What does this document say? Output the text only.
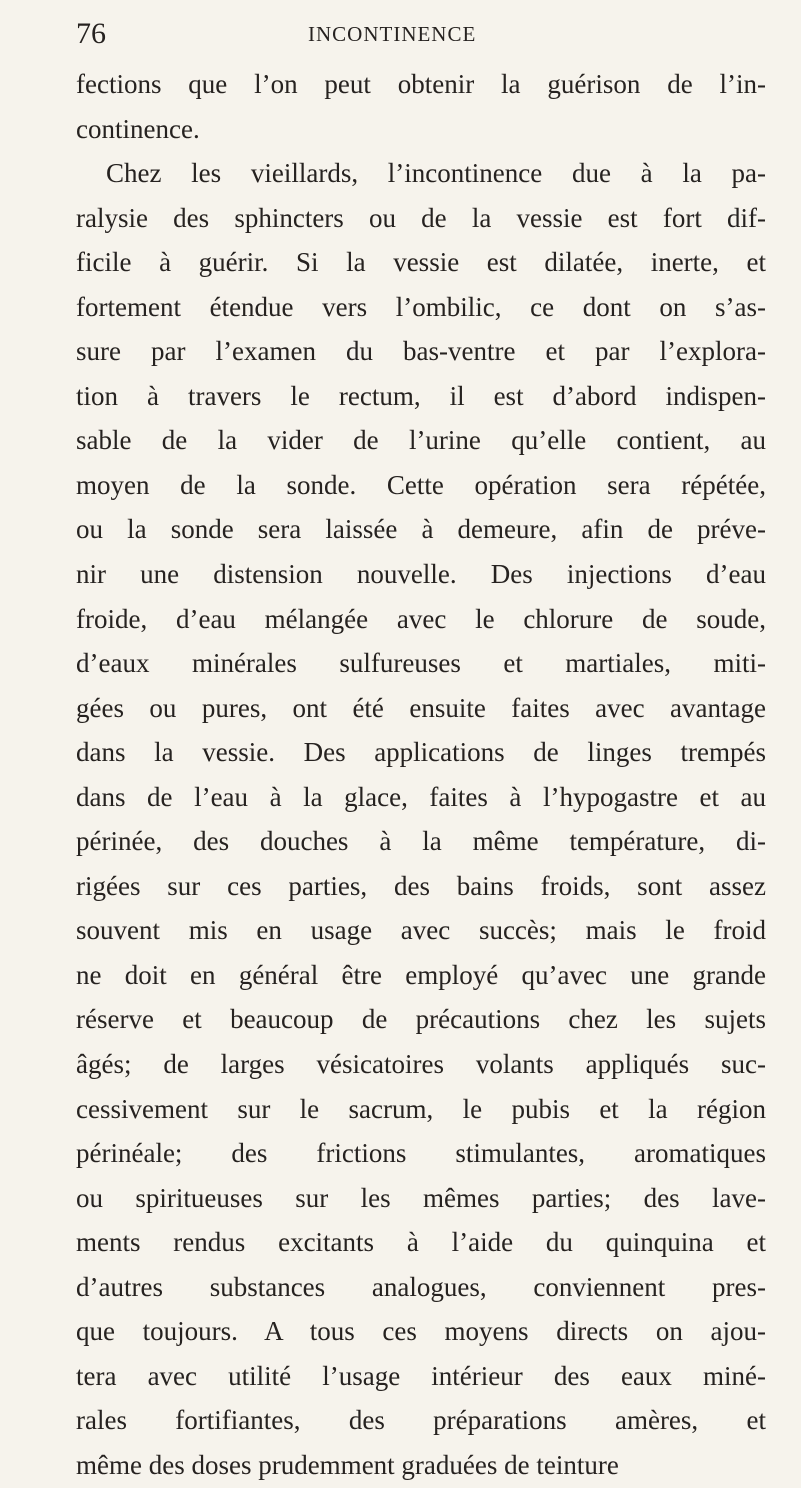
76	INCONTINENCE
fections que l’on peut obtenir la guérison de l’in-
continence.
Chez les vieillards, l’incontinence due à la pa-
ralysie des sphincters ou de la vessie est fort dif-
ficile à guérir. Si la vessie est dilatée, inerte, et
fortement étendue vers l’ombilic, ce dont on s’as-
sure par l’examen du bas-ventre et par l’explora-
tion à travers le rectum, il est d’abord indispen-
sable de la vider de l’urine qu’elle contient, au
moyen de la sonde. Cette opération sera répétée,
ou la sonde sera laissée à demeure, afin de préve-
nir une distension nouvelle. Des injections d’eau
froide, d’eau mélangée avec le chlorure de soude,
d’eaux minérales sulfureuses et martiales, miti-
gées ou pures, ont été ensuite faites avec avantage
dans la vessie. Des applications de linges trempés
dans de l’eau à la glace, faites à l’hypogastre et au
périnée, des douches à la même température, di-
rigées sur ces parties, des bains froids, sont assez
souvent mis en usage avec succès; mais le froid
ne doit en général être employé qu’avec une grande
réserve et beaucoup de précautions chez les sujets
âgés; de larges vésicatoires volants appliqués suc-
cessivement sur le sacrum, le pubis et la région
périnéale; des frictions stimulantes, aromatiques
ou spiritueuses sur les mêmes parties; des lave-
ments rendus excitants à l’aide du quinquina et
d’autres substances analogues, conviennent pres-
que toujours. A tous ces moyens directs on ajou-
tera avec utilité l’usage intérieur des eaux miné-
rales fortifiantes, des préparations amères, et
même des doses prudemment graduées de teinture
